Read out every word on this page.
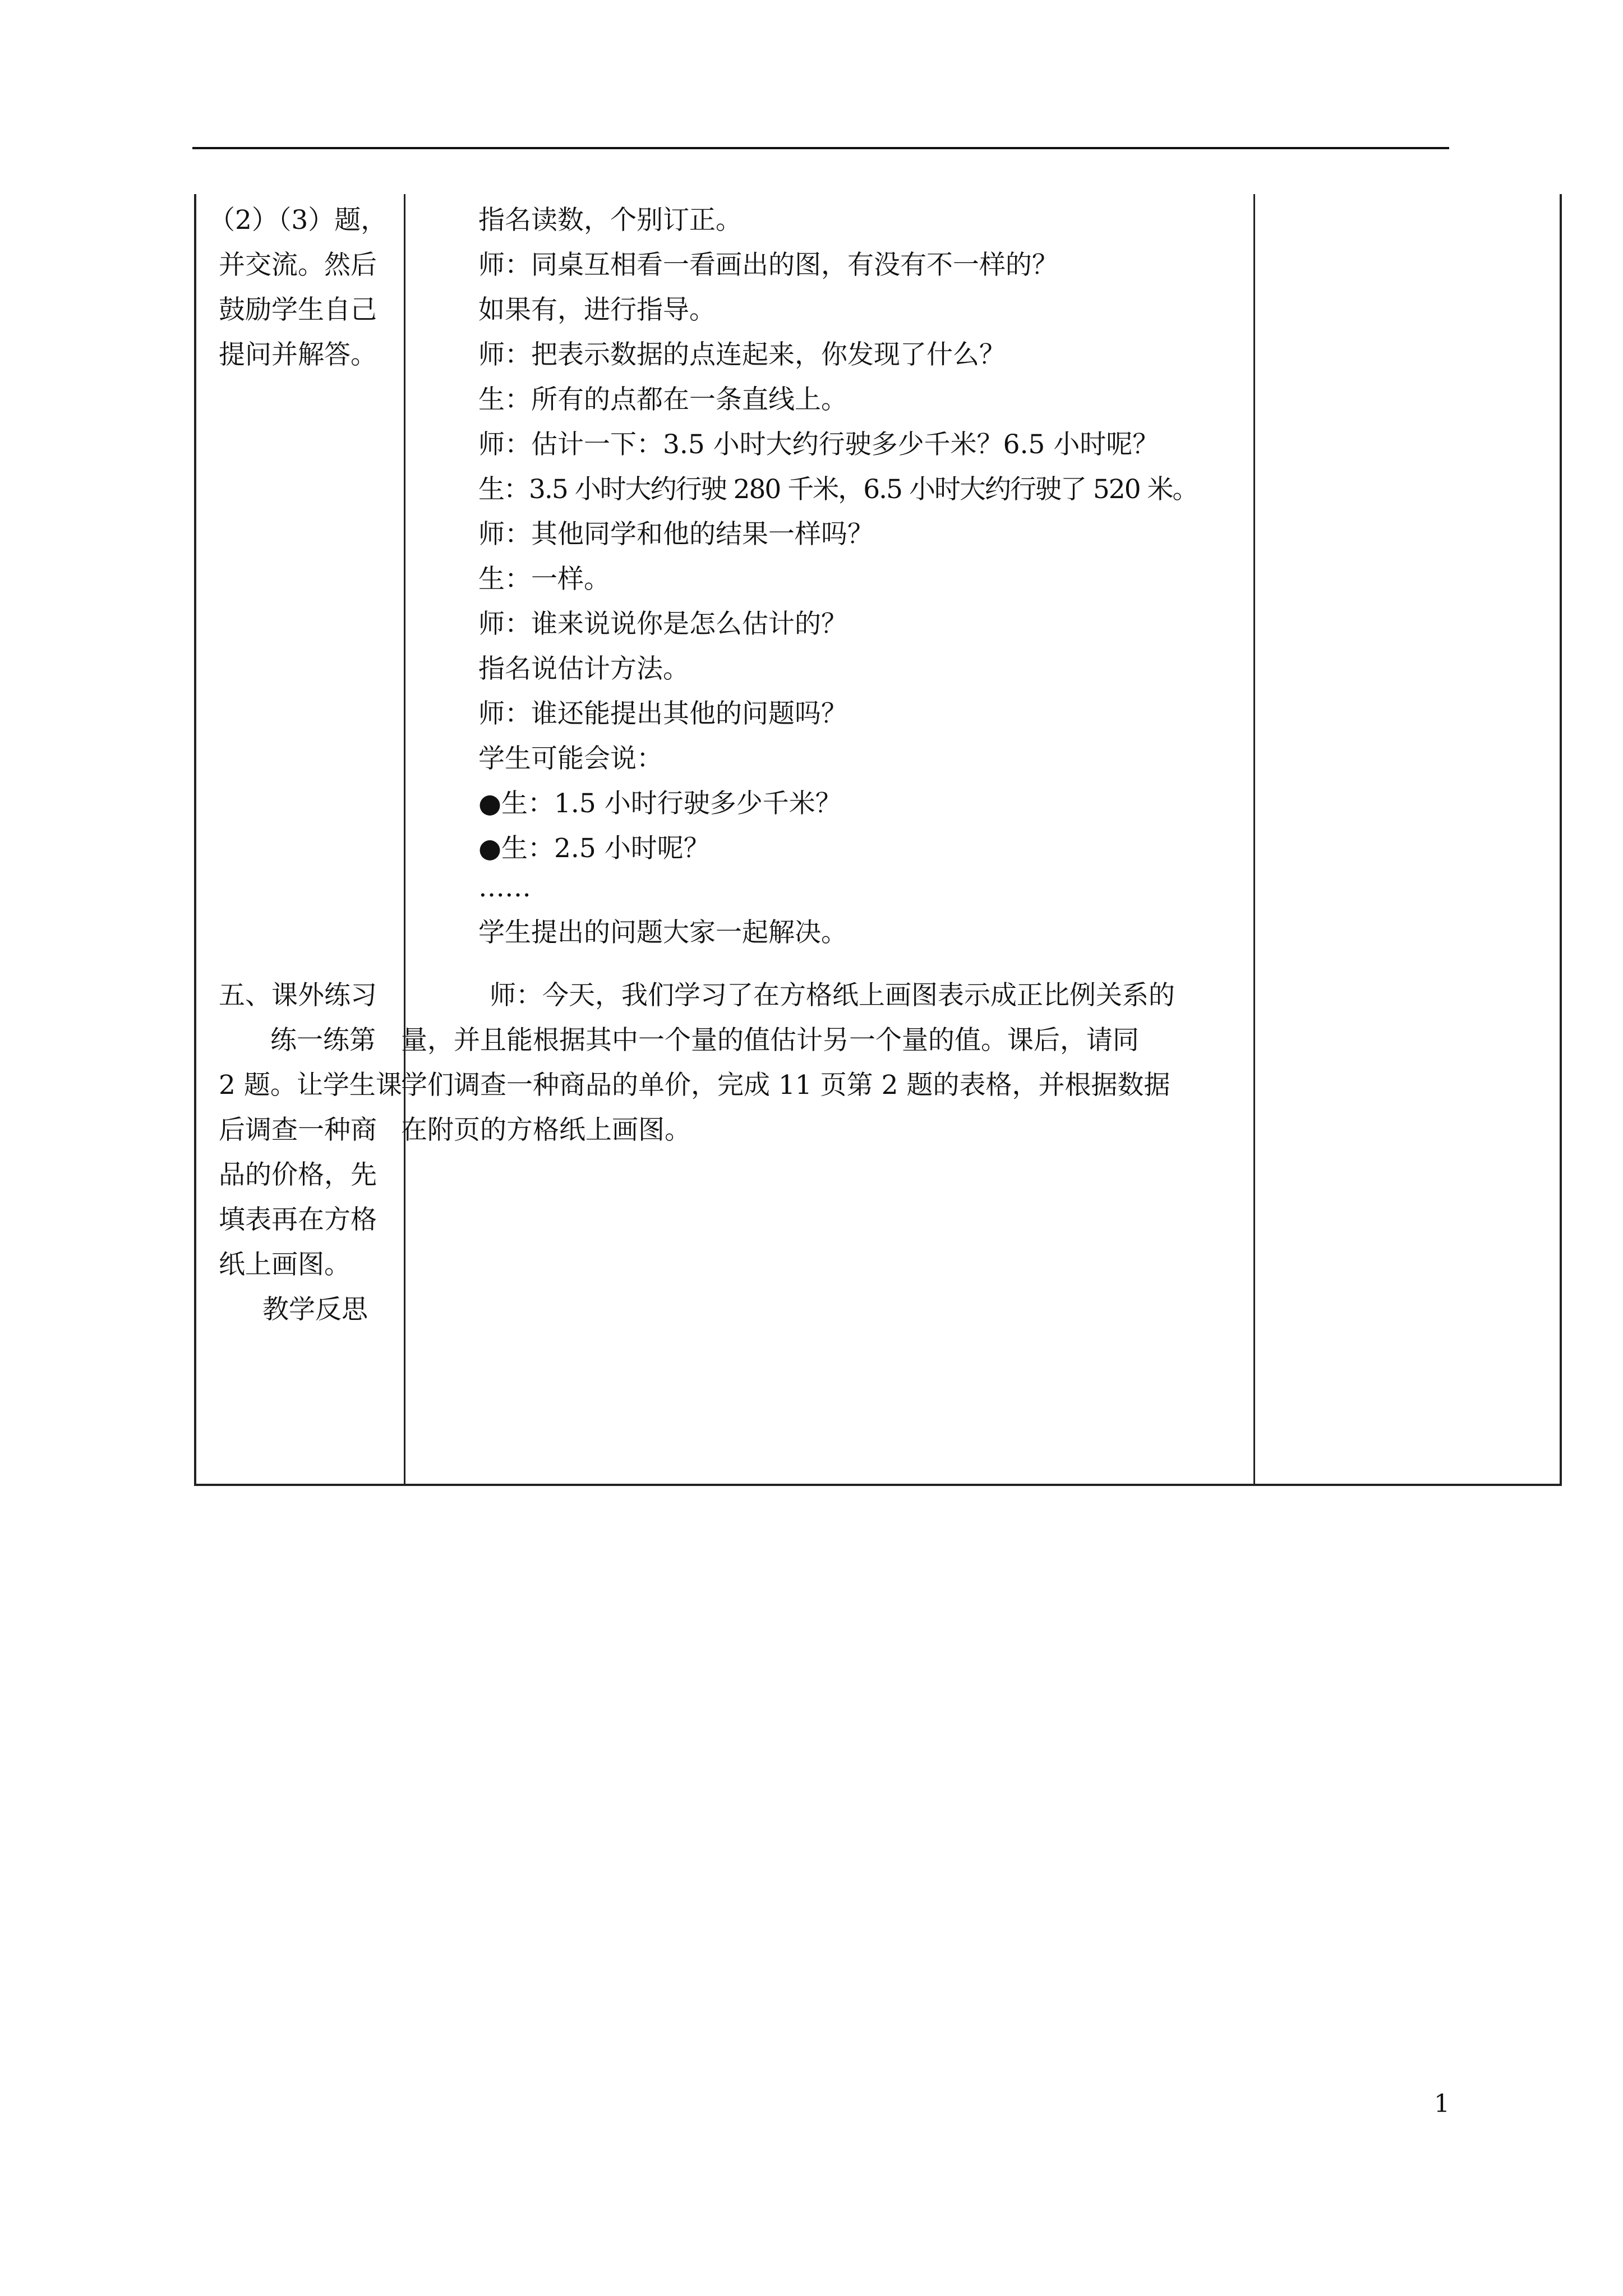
（2）（3）题，
并交流。然后
鼓励学生自己
提问并解答。
五、课外练习
练一练第
2 题。让学生课
后调查一种商
品的价格，先
填表再在方格
纸上画图。
教学反思
指名读数，个别订正。
师：同桌互相看一看画出的图，有没有不一样的？
如果有，进行指导。
师：把表示数据的点连起来，你发现了什么？
生：所有的点都在一条直线上。
师：估计一下：3.5 小时大约行驶多少千米？6.5 小时呢？
生：3.5 小时大约行驶 280 千米，6.5 小时大约行驶了 520 米。
师：其他同学和他的结果一样吗？
生：一样。
师：谁来说说你是怎么估计的？
指名说估计方法。
师：谁还能提出其他的问题吗？
学生可能会说：
●生：1.5 小时行驶多少千米？
●生：2.5 小时呢？
……
学生提出的问题大家一起解决。
师：今天，我们学习了在方格纸上画图表示成正比例关系的
量，并且能根据其中一个量的值估计另一个量的值。课后，请同
学们调查一种商品的单价，完成 11 页第 2 题的表格，并根据数据
在附页的方格纸上画图。
1
